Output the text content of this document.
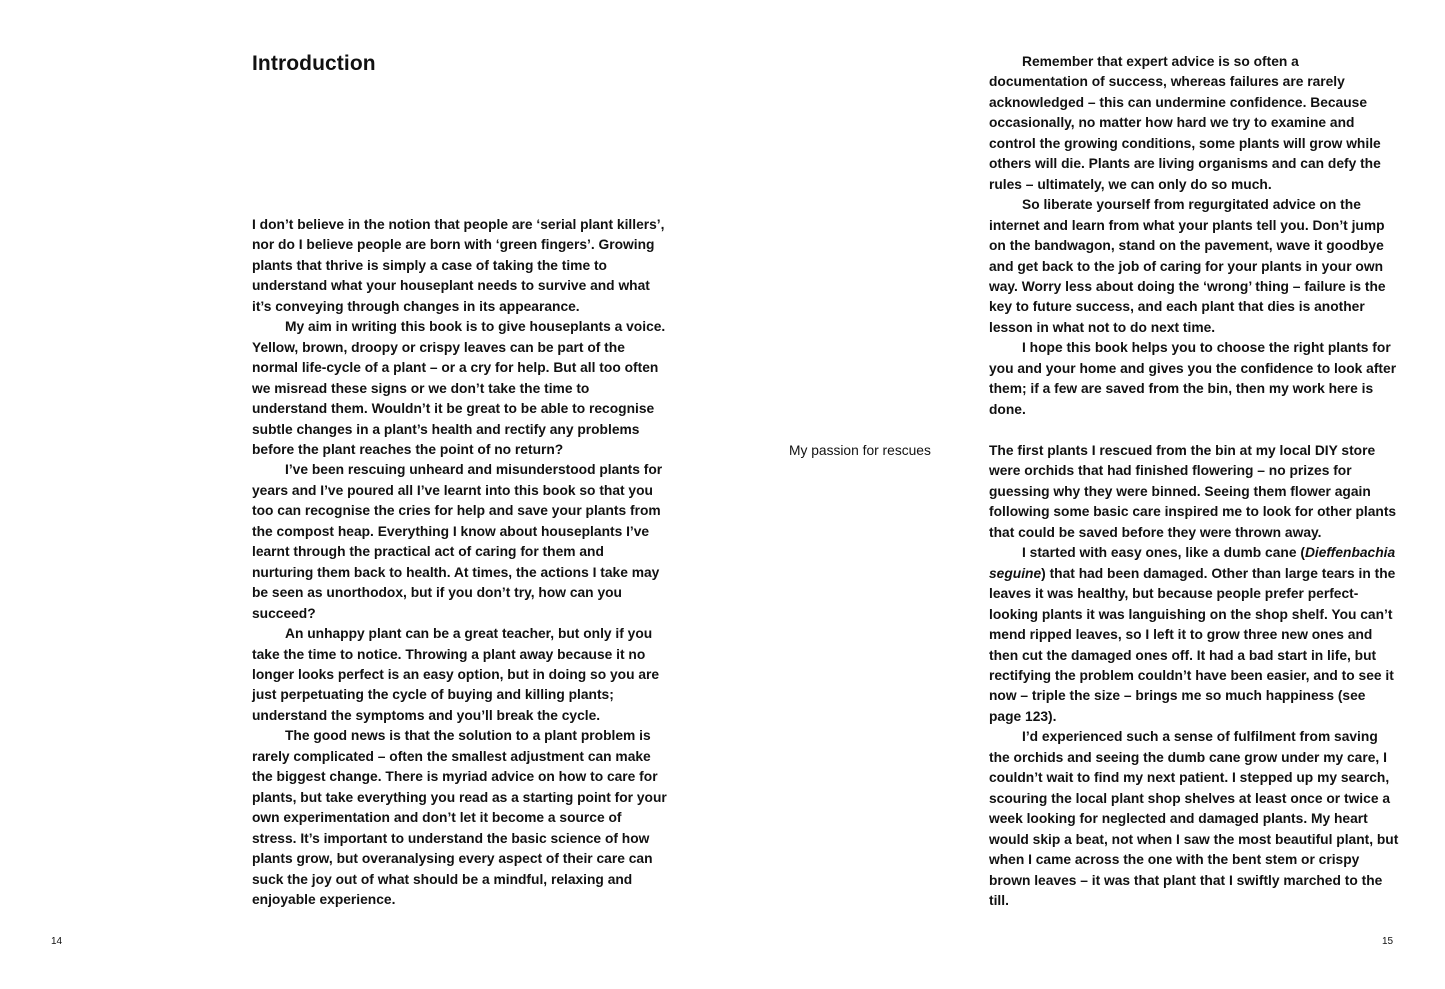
Introduction

I don’t believe in the notion that people are ‘serial plant killers’, nor do I believe people are born with ‘green fingers’. Growing plants that thrive is simply a case of taking the time to understand what your houseplant needs to survive and what it’s conveying through changes in its appearance.

My aim in writing this book is to give houseplants a voice. Yellow, brown, droopy or crispy leaves can be part of the normal life-cycle of a plant – or a cry for help. But all too often we misread these signs or we don’t take the time to understand them. Wouldn’t it be great to be able to recognise subtle changes in a plant’s health and rectify any problems before the plant reaches the point of no return?

I’ve been rescuing unheard and misunderstood plants for years and I’ve poured all I’ve learnt into this book so that you too can recognise the cries for help and save your plants from the compost heap. Everything I know about houseplants I’ve learnt through the practical act of caring for them and nurturing them back to health. At times, the actions I take may be seen as unorthodox, but if you don’t try, how can you succeed?

An unhappy plant can be a great teacher, but only if you take the time to notice. Throwing a plant away because it no longer looks perfect is an easy option, but in doing so you are just perpetuating the cycle of buying and killing plants; understand the symptoms and you’ll break the cycle.

The good news is that the solution to a plant problem is rarely complicated – often the smallest adjustment can make the biggest change. There is myriad advice on how to care for plants, but take everything you read as a starting point for your own experimentation and don’t let it become a source of stress. It’s important to understand the basic science of how plants grow, but overanalysing every aspect of their care can suck the joy out of what should be a mindful, relaxing and enjoyable experience.

14

Remember that expert advice is so often a documentation of success, whereas failures are rarely acknowledged – this can undermine confidence. Because occasionally, no matter how hard we try to examine and control the growing conditions, some plants will grow while others will die. Plants are living organisms and can defy the rules – ultimately, we can only do so much.

So liberate yourself from regurgitated advice on the internet and learn from what your plants tell you. Don’t jump on the bandwagon, stand on the pavement, wave it goodbye and get back to the job of caring for your plants in your own way. Worry less about doing the ‘wrong’ thing – failure is the key to future success, and each plant that dies is another lesson in what not to do next time.

I hope this book helps you to choose the right plants for you and your home and gives you the confidence to look after them; if a few are saved from the bin, then my work here is done.

My passion for rescues	The first plants I rescued from the bin at my local DIY store were orchids that had finished flowering – no prizes for guessing why they were binned. Seeing them flower again following some basic care inspired me to look for other plants that could be saved before they were thrown away.

I started with easy ones, like a dumb cane (Dieffenbachia seguine) that had been damaged. Other than large tears in the leaves it was healthy, but because people prefer perfect-looking plants it was languishing on the shop shelf. You can’t mend ripped leaves, so I left it to grow three new ones and then cut the damaged ones off. It had a bad start in life, but rectifying the problem couldn’t have been easier, and to see it now – triple the size – brings me so much happiness (see page 123).

I’d experienced such a sense of fulfilment from saving the orchids and seeing the dumb cane grow under my care, I couldn’t wait to find my next patient. I stepped up my search, scouring the local plant shop shelves at least once or twice a week looking for neglected and damaged plants. My heart would skip a beat, not when I saw the most beautiful plant, but when I came across the one with the bent stem or crispy brown leaves – it was that plant that I swiftly marched to the till.

15
